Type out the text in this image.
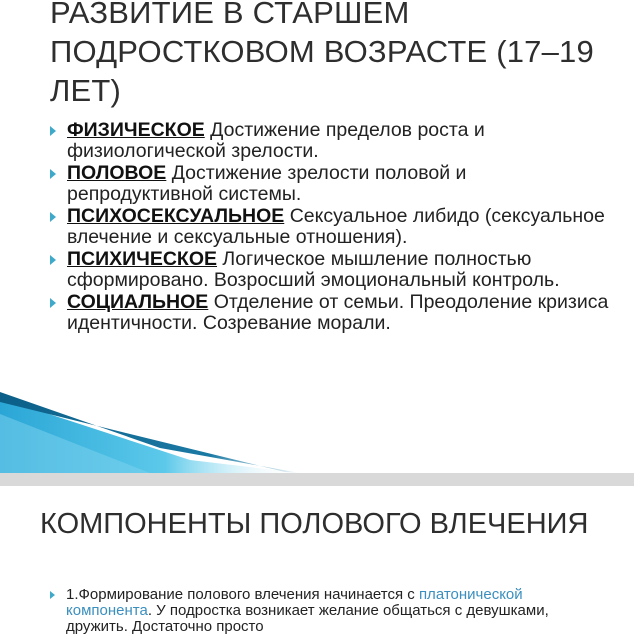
РАЗВИТИЕ В СТАРШЕМ ПОДРОСТКОВОМ ВОЗРАСТЕ (17–19 ЛЕТ)
ФИЗИЧЕСКОЕ Достижение пределов роста и физиологической зрелости.
ПОЛОВОЕ Достижение зрелости половой и репродуктивной системы.
ПСИХОСЕКСУАЛЬНОЕ Сексуальное либидо (сексуальное влечение и сексуальные отношения).
ПСИХИЧЕСКОЕ Логическое мышление полностью сформировано. Возросший эмоциональный контроль.
СОЦИАЛЬНОЕ Отделение от семьи. Преодоление кризиса идентичности. Созревание морали.
КОМПОНЕНТЫ ПОЛОВОГО ВЛЕЧЕНИЯ
1.Формирование полового влечения начинается с платонической компонента. У подростка возникает желание общаться с девушками, дружить. Достаточно просто
